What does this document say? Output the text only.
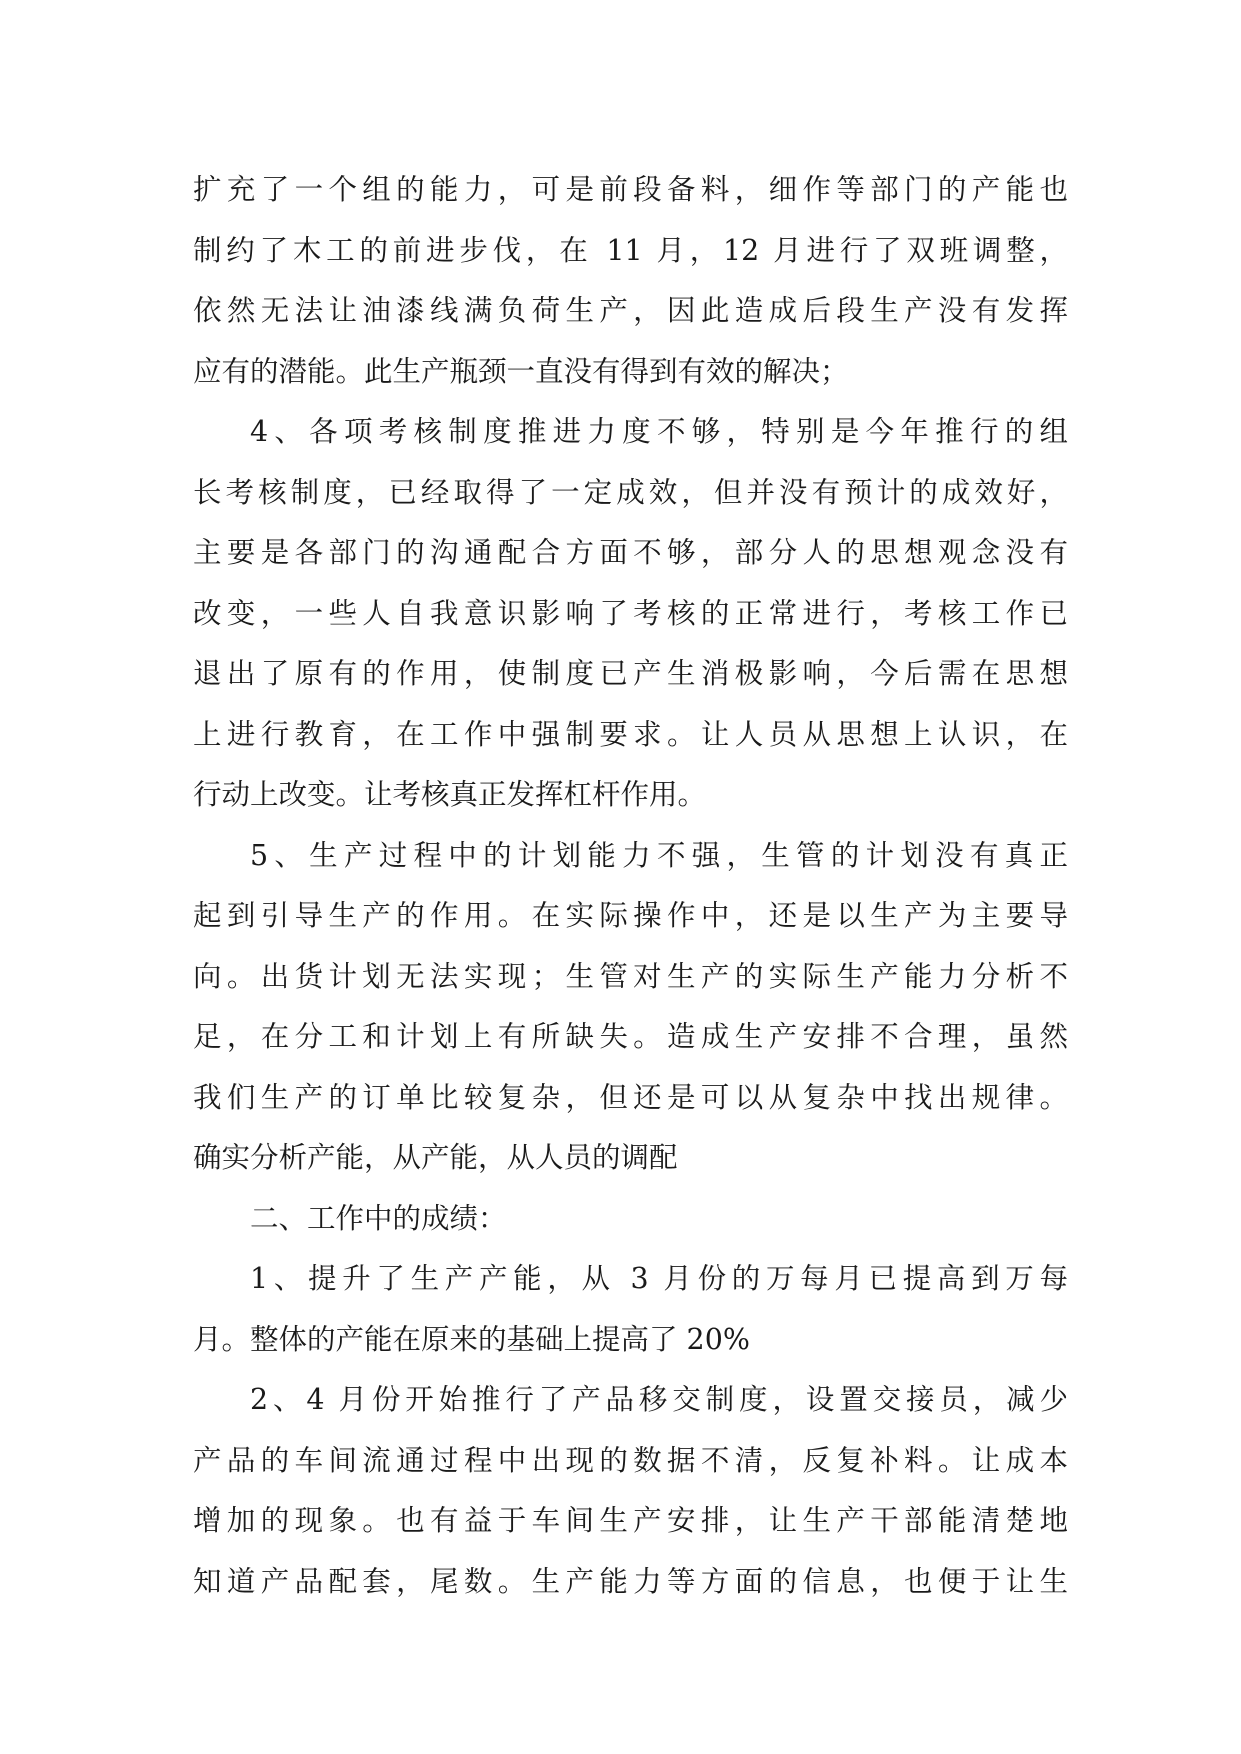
扩充了一个组的能力，可是前段备料，细作等部门的产能也
制约了木工的前进步伐，在 11 月，12 月进行了双班调整，
依然无法让油漆线满负荷生产，因此造成后段生产没有发挥
应有的潜能。此生产瓶颈一直没有得到有效的解决；
4、各项考核制度推进力度不够，特别是今年推行的组
长考核制度，已经取得了一定成效，但并没有预计的成效好，
主要是各部门的沟通配合方面不够，部分人的思想观念没有
改变，一些人自我意识影响了考核的正常进行，考核工作已
退出了原有的作用，使制度已产生消极影响，今后需在思想
上进行教育，在工作中强制要求。让人员从思想上认识，在
行动上改变。让考核真正发挥杠杆作用。
5、生产过程中的计划能力不强，生管的计划没有真正
起到引导生产的作用。在实际操作中，还是以生产为主要导
向。出货计划无法实现；生管对生产的实际生产能力分析不
足，在分工和计划上有所缺失。造成生产安排不合理，虽然
我们生产的订单比较复杂，但还是可以从复杂中找出规律。
确实分析产能，从产能，从人员的调配
二、工作中的成绩：
1、提升了生产产能，从 3 月份的万每月已提高到万每
月。整体的产能在原来的基础上提高了 20%
2、4 月份开始推行了产品移交制度，设置交接员，减少
产品的车间流通过程中出现的数据不清，反复补料。让成本
增加的现象。也有益于车间生产安排，让生产干部能清楚地
知道产品配套，尾数。生产能力等方面的信息，也便于让生
